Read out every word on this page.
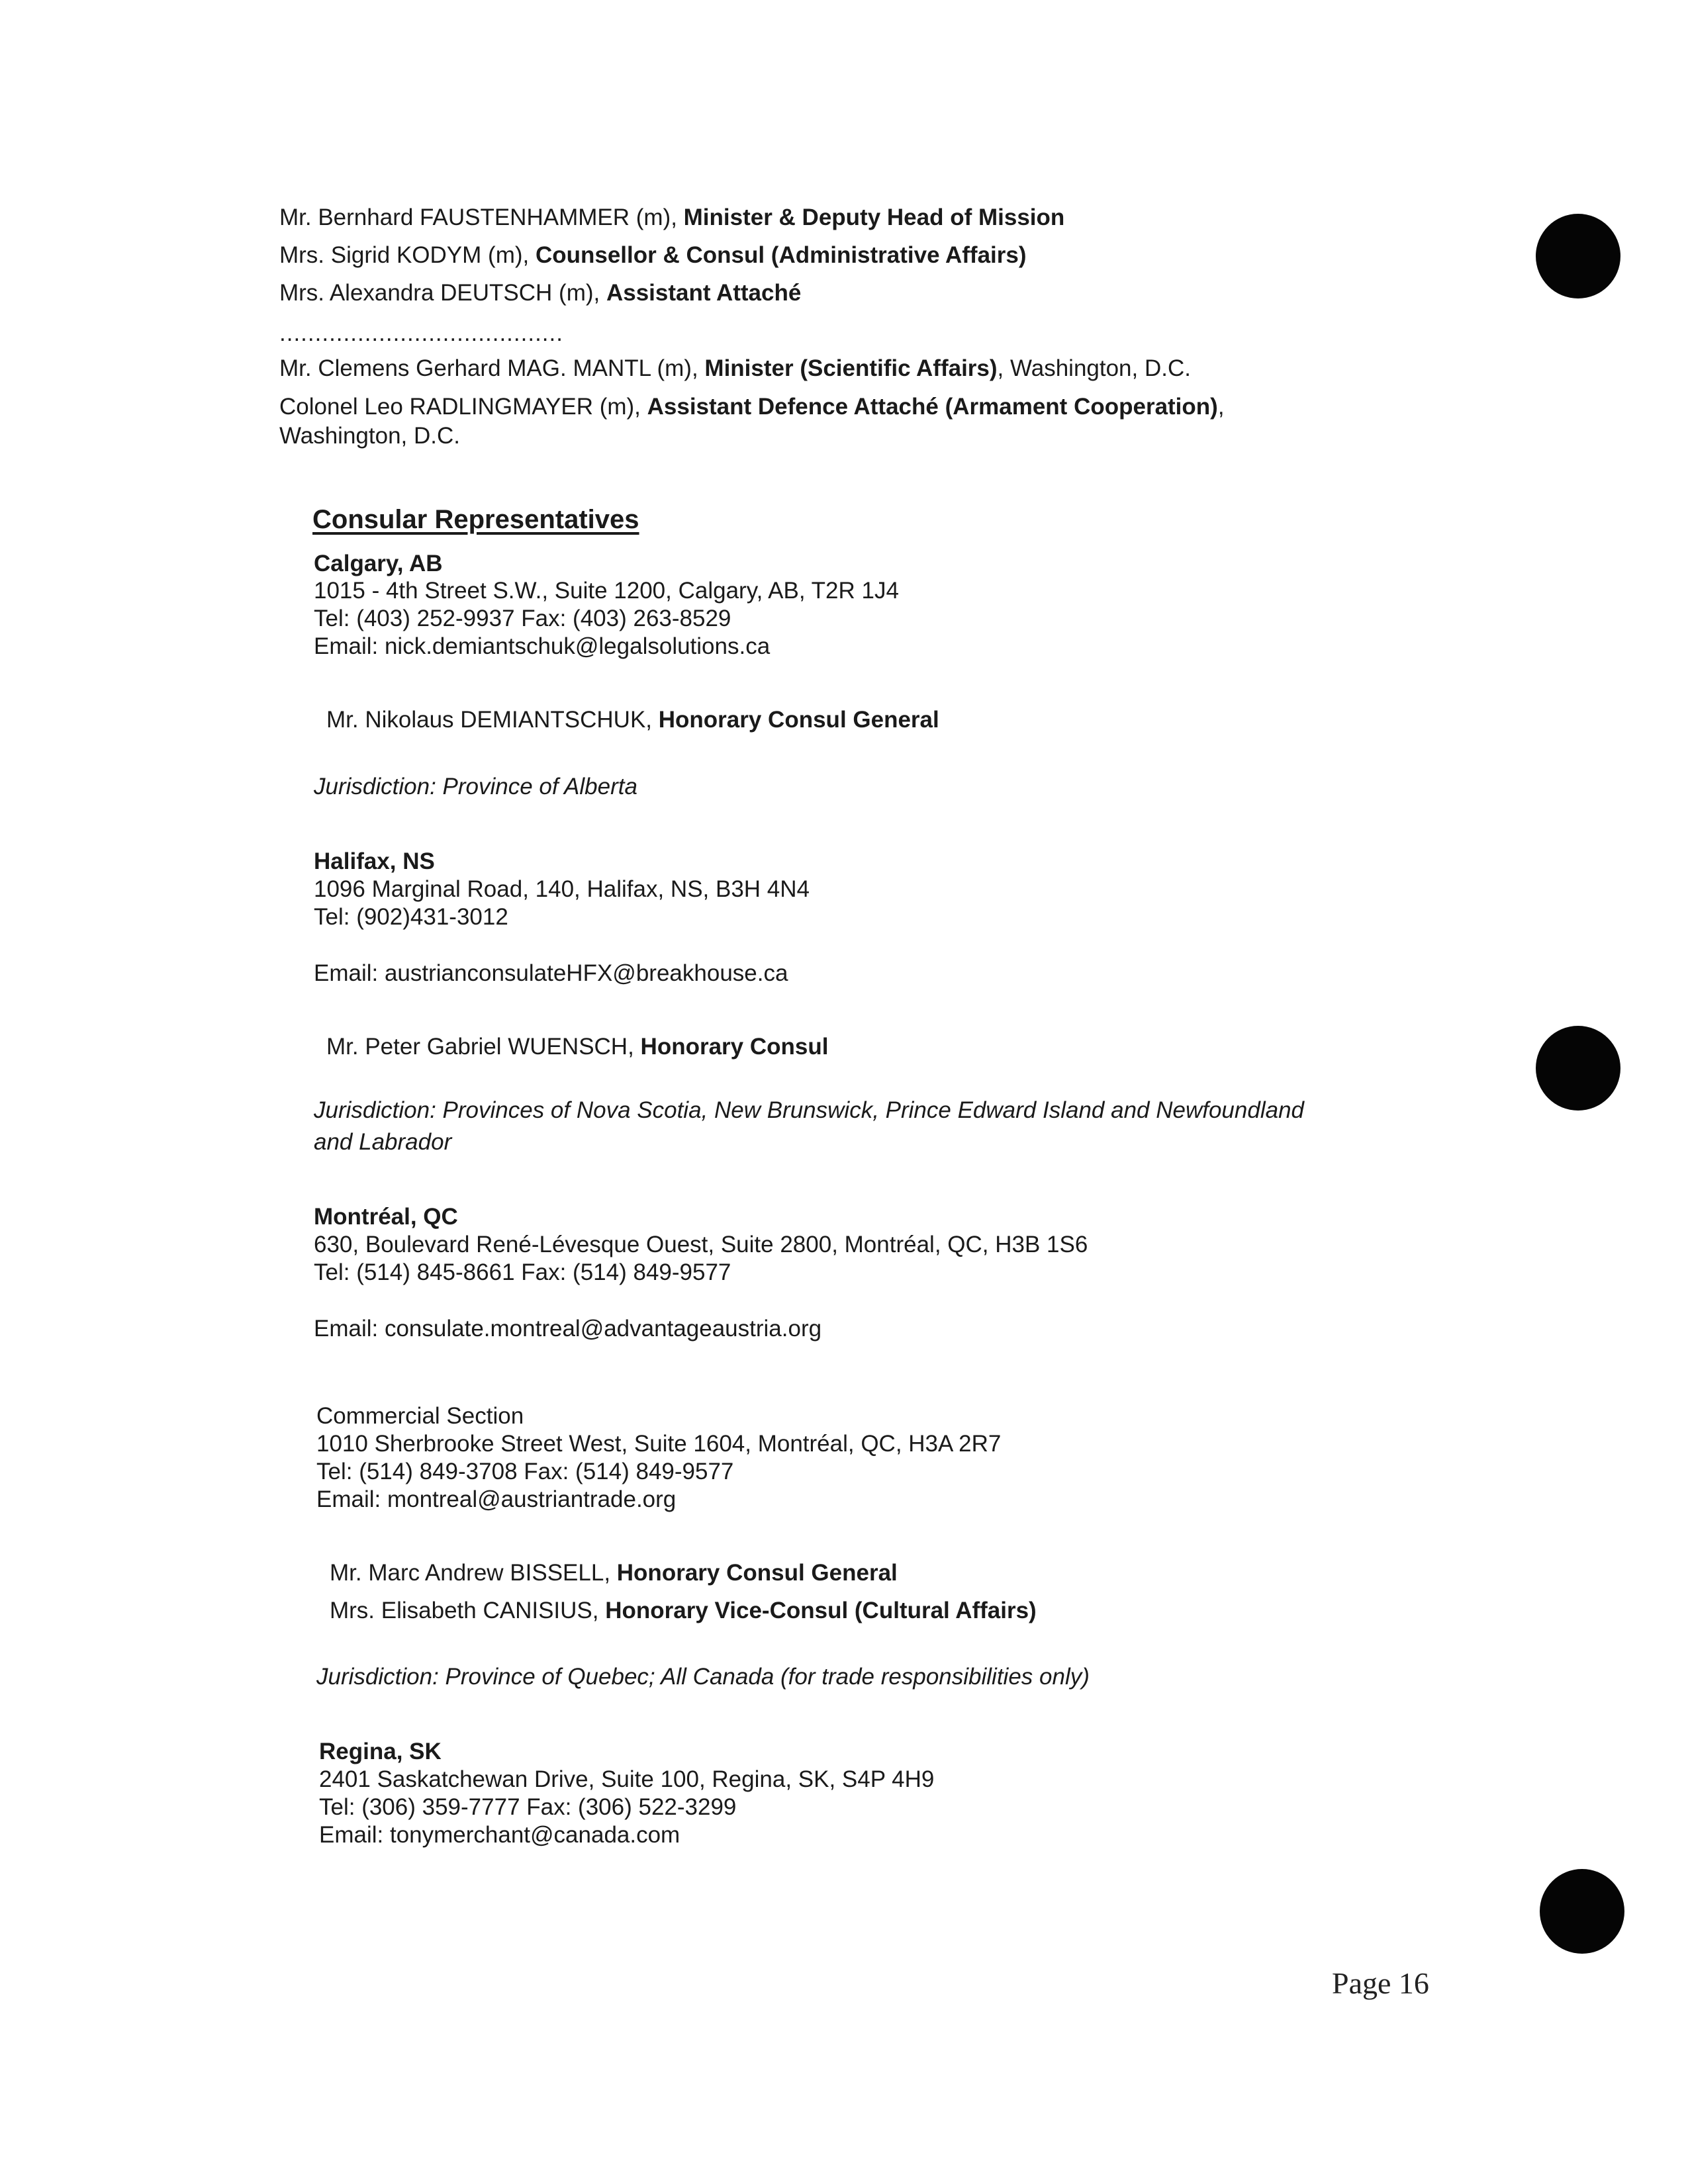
Mr. Bernhard FAUSTENHAMMER (m), Minister & Deputy Head of Mission
Mrs. Sigrid KODYM (m), Counsellor & Consul (Administrative Affairs)
Mrs. Alexandra DEUTSCH (m), Assistant Attaché
........................................
Mr. Clemens Gerhard MAG. MANTL (m), Minister (Scientific Affairs), Washington, D.C.
Colonel Leo RADLINGMAYER (m), Assistant Defence Attaché (Armament Cooperation),
Washington, D.C.
Consular Representatives
Calgary, AB
1015 - 4th Street S.W., Suite 1200, Calgary, AB, T2R 1J4
Tel: (403) 252-9937 Fax: (403) 263-8529
Email: nick.demiantschuk@legalsolutions.ca
Mr. Nikolaus DEMIANTSCHUK, Honorary Consul General
Jurisdiction: Province of Alberta
Halifax, NS
1096 Marginal Road, 140, Halifax, NS, B3H 4N4
Tel: (902)431-3012
Email: austrianconsulateHFX@breakhouse.ca
Mr. Peter Gabriel WUENSCH, Honorary Consul
Jurisdiction: Provinces of Nova Scotia, New Brunswick, Prince Edward Island and Newfoundland
and Labrador
Montréal, QC
630, Boulevard René-Lévesque Ouest, Suite 2800, Montréal, QC, H3B 1S6
Tel: (514) 845-8661 Fax: (514) 849-9577
Email: consulate.montreal@advantageaustria.org
Commercial Section
1010 Sherbrooke Street West, Suite 1604, Montréal, QC, H3A 2R7
Tel: (514) 849-3708 Fax: (514) 849-9577
Email: montreal@austriantrade.org
Mr. Marc Andrew BISSELL, Honorary Consul General
Mrs. Elisabeth CANISIUS, Honorary Vice-Consul (Cultural Affairs)
Jurisdiction: Province of Quebec; All Canada (for trade responsibilities only)
Regina, SK
2401 Saskatchewan Drive, Suite 100, Regina, SK, S4P 4H9
Tel: (306) 359-7777 Fax: (306) 522-3299
Email: tonymerchant@canada.com
Page 16
